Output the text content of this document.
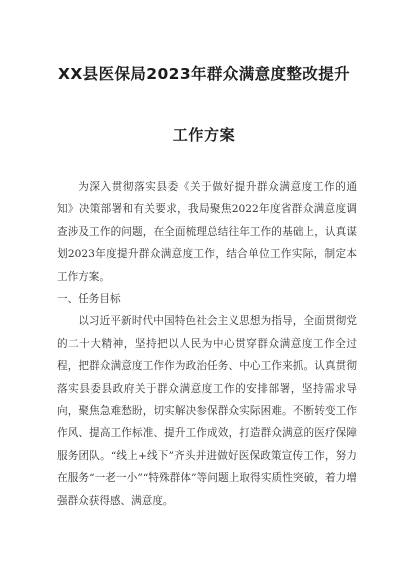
XX县医保局2023年群众满意度整改提升
工作方案

为深入贯彻落实县委《关于做好提升群众满意度工作的通知》决策部署和有关要求，我局聚焦2022年度省群众满意度调查涉及工作的问题，在全面梳理总结往年工作的基础上，认真谋划2023年度提升群众满意度工作，结合单位工作实际，制定本工作方案。

一、任务目标

以习近平新时代中国特色社会主义思想为指导，全面贯彻党的二十大精神，坚持把以人民为中心贯穿群众满意度工作全过程，把群众满意度工作作为政治任务、中心工作来抓。认真贯彻落实县委县政府关于群众满意度工作的安排部署，坚持需求导向，聚焦急难愁盼，切实解决参保群众实际困难。不断转变工作作风、提高工作标准、提升工作成效，打造群众满意的医疗保障服务团队。“线上+线下”齐头并进做好医保政策宣传工作，努力在服务“一老一小”“特殊群体”等问题上取得实质性突破，着力增强群众获得感、满意度。
